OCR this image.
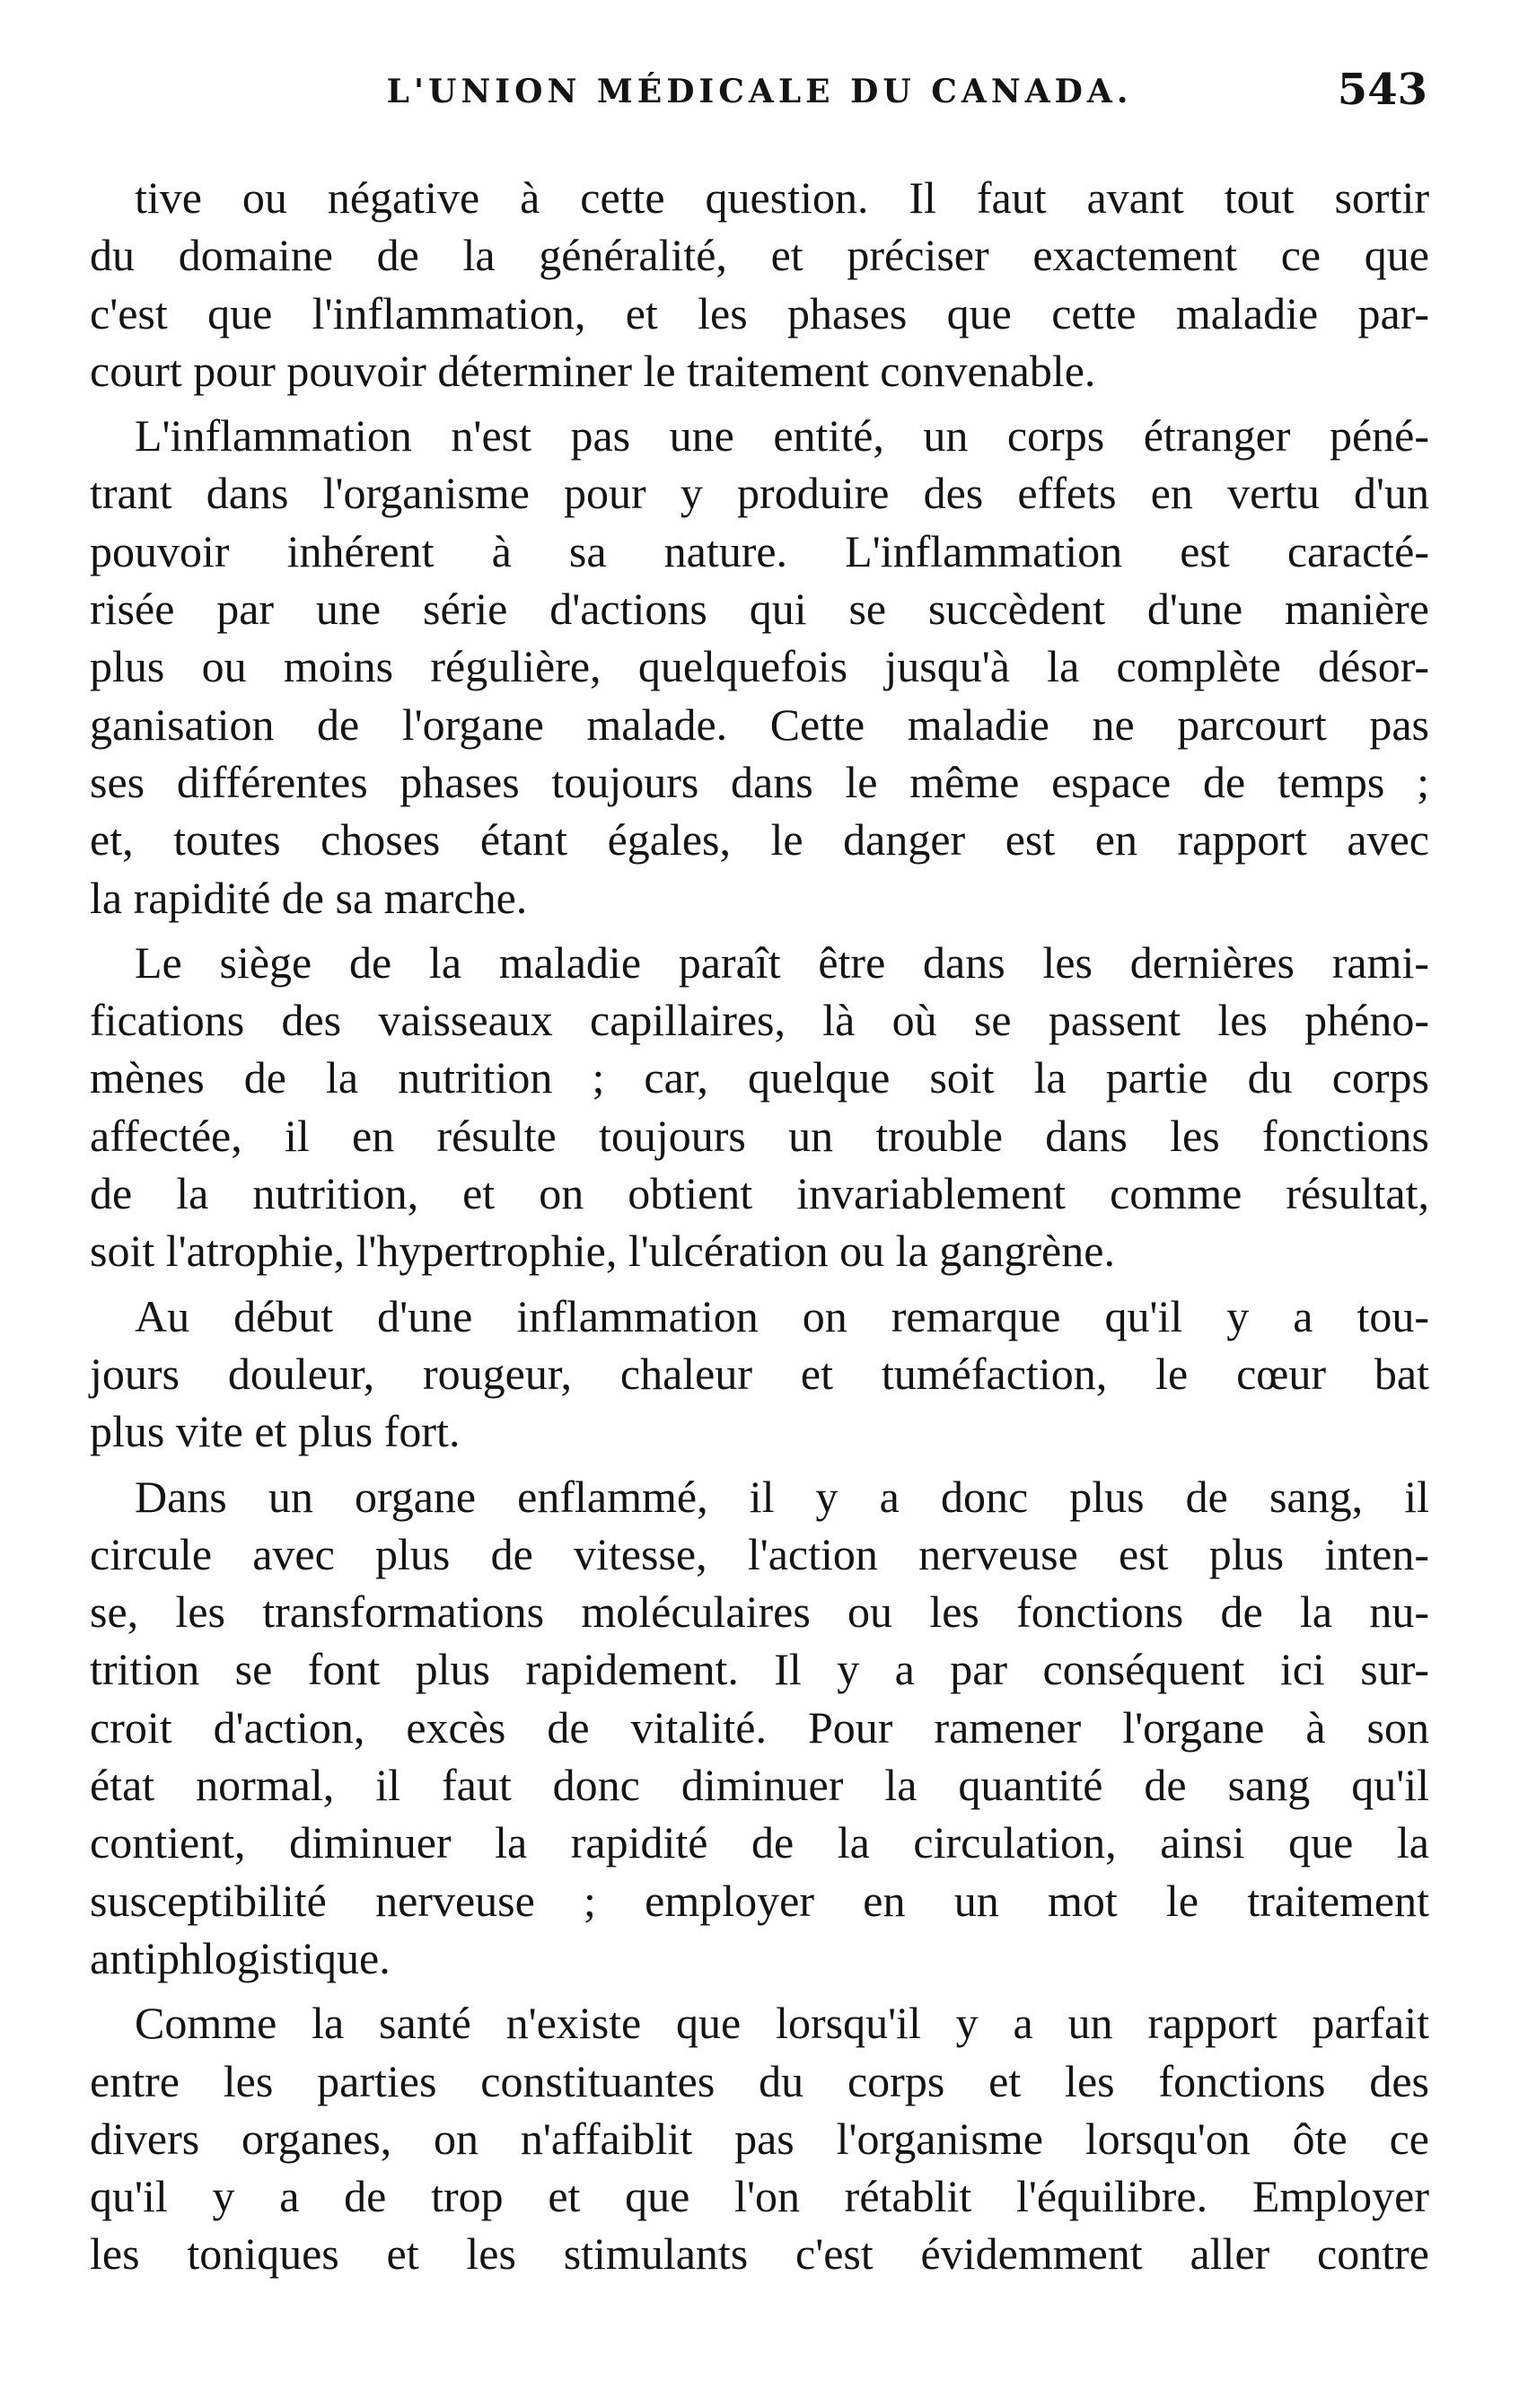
L'UNION MÉDICALE DU CANADA.	543

tive ou négative à cette question. Il faut avant tout sortir
du domaine de la généralité, et préciser exactement ce que
c'est que l'inflammation, et les phases que cette maladie par-
court pour pouvoir déterminer le traitement convenable.

L'inflammation n'est pas une entité, un corps étranger péné-
trant dans l'organisme pour y produire des effets en vertu d'un
pouvoir inhérent à sa nature. L'inflammation est caracté-
risée par une série d'actions qui se succèdent d'une manière
plus ou moins régulière, quelquefois jusqu'à la complète désor-
ganisation de l'organe malade. Cette maladie ne parcourt pas
ses différentes phases toujours dans le même espace de temps ;
et, toutes choses étant égales, le danger est en rapport avec
la rapidité de sa marche.

Le siège de la maladie paraît être dans les dernières rami-
fications des vaisseaux capillaires, là où se passent les phéno-
mènes de la nutrition ; car, quelque soit la partie du corps
affectée, il en résulte toujours un trouble dans les fonctions
de la nutrition, et on obtient invariablement comme résultat,
soit l'atrophie, l'hypertrophie, l'ulcération ou la gangrène.

Au début d'une inflammation on remarque qu'il y a tou-
jours douleur, rougeur, chaleur et tuméfaction, le cœur bat
plus vite et plus fort.

Dans un organe enflammé, il y a donc plus de sang, il
circule avec plus de vitesse, l'action nerveuse est plus inten-
se, les transformations moléculaires ou les fonctions de la nu-
trition se font plus rapidement. Il y a par conséquent ici sur-
croit d'action, excès de vitalité. Pour ramener l'organe à son
état normal, il faut donc diminuer la quantité de sang qu'il
contient, diminuer la rapidité de la circulation, ainsi que la
susceptibilité nerveuse ; employer en un mot le traitement
antiphlogistique.

Comme la santé n'existe que lorsqu'il y a un rapport parfait
entre les parties constituantes du corps et les fonctions des
divers organes, on n'affaiblit pas l'organisme lorsqu'on ôte ce
qu'il y a de trop et que l'on rétablit l'équilibre. Employer
les toniques et les stimulants c'est évidemment aller contre
